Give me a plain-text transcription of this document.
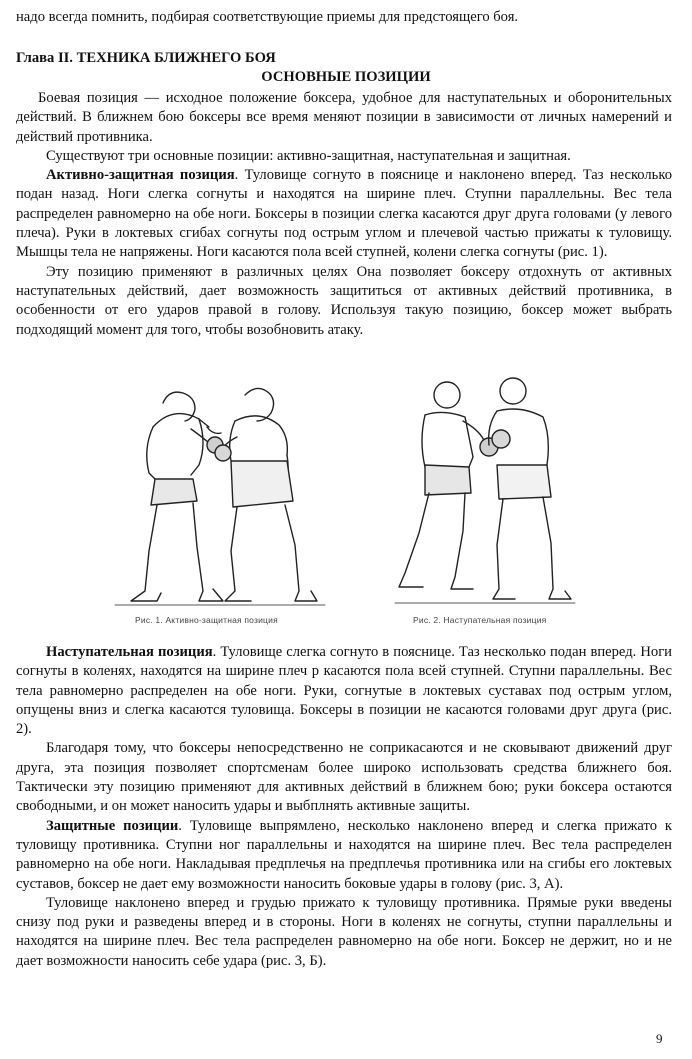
надо всегда помнить, подбирая соответствующие приемы для предстоящего боя.

Глава II. ТЕХНИКА БЛИЖНЕГО БОЯ
ОСНОВНЫЕ ПОЗИЦИИ

Боевая позиция — исходное положение боксера, удобное для наступательных и оборонительных действий. В ближнем бою боксеры все время меняют позиции в зависимости от личных намерений и действий противника.

Существуют три основные позиции: активно-защитная, наступательная и защитная.

Активно-защитная позиция. Туловище согнуто в пояснице и наклонено вперед. Таз несколько подан назад. Ноги слегка согнуты и находятся на ширине плеч. Ступни параллельны. Вес тела распределен равномерно на обе ноги. Боксеры в позиции слегка касаются друг друга головами (у левого плеча). Руки в локтевых сгибах согнуты под острым углом и плечевой частью прижаты к туловищу. Мышцы тела не напряжены. Ноги касаются пола всей ступней, колени слегка согнуты (рис. 1).

Эту позицию применяют в различных целях Она позволяет боксеру отдохнуть от активных наступательных действий, дает возможность защититься от активных действий противника, в особенности от его ударов правой в голову. Используя такую позицию, боксер может выбрать подходящий момент для того, чтобы возобновить атаку.

Рис. 1. Активно-защитная позиция	Рис. 2. Наступательная позиция

Наступательная позиция. Туловище слегка согнуто в пояснице. Таз несколько подан вперед. Ноги согнуты в коленях, находятся на ширине плеч р касаются пола всей ступней. Ступни параллельны. Вес тела равномерно распределен на обе ноги. Руки, согнутые в локтевых суставах под острым углом, опущены вниз и слегка касаются туловища. Боксеры в позиции не касаются головами друг друга (рис. 2).

Благодаря тому, что боксеры непосредственно не соприкасаются и не сковывают движений друг друга, эта позиция позволяет спортсменам более широко использовать средства ближнего боя. Тактически эту позицию применяют для активных действий в ближнем бою; руки боксера остаются свободными, и он может наносить удары и выбплнять активные защиты.

Защитные позиции. Туловище выпрямлено, несколько наклонено вперед и слегка прижато к туловищу противника. Ступни ног параллельны и находятся на ширине плеч. Вес тела распределен равномерно на обе ноги. Накладывая предплечья на предплечья противника или на сгибы его локтевых суставов, боксер не дает ему возможности наносить боковые удары в голову (рис. 3, А).

Туловище наклонено вперед и грудью прижато к туловищу противника. Прямые руки введены снизу под руки и разведены вперед и в стороны. Ноги в коленях не согнуты, ступни параллельны и находятся на ширине плеч. Вес тела распределен равномерно на обе ноги. Боксер не держит, но и не дает возможности наносить себе удара (рис. 3, Б).

9
